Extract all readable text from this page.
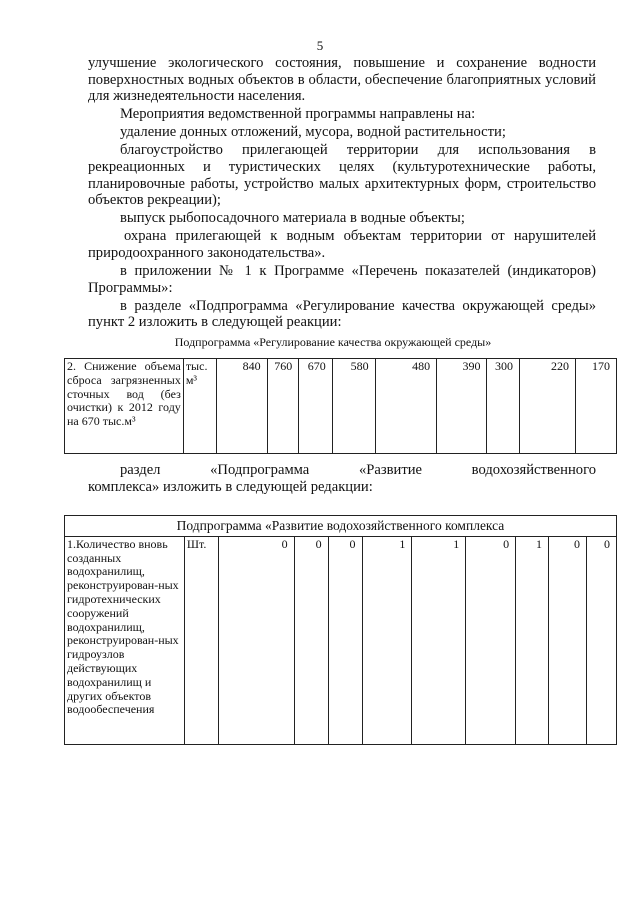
5

улучшение экологического состояния, повышение и сохранение водности поверхностных водных объектов в области, обеспечение благоприятных условий для жизнедеятельности населения.

Мероприятия ведомственной программы направлены на:

удаление донных отложений, мусора, водной растительности;

благоустройство прилегающей территории для использования в рекреационных и туристических целях (культуротехнические работы, планировочные работы, устройство малых архитектурных форм, строительство объектов рекреации);

выпуск рыбопосадочного материала в водные объекты;

охрана прилегающей к водным объектам территории от нарушителей природоохранного законодательства».

в приложении № 1 к Программе «Перечень показателей (индикаторов) Программы»:

в разделе «Подпрограмма «Регулирование качества окружающей среды» пункт 2 изложить в следующей реакции:

Подпрограмма «Регулирование качества окружающей среды»
2. Снижение объема сброса загрязненных сточных вод (без очистки) к 2012 году на 670 тыс.м³	тыс. м³	840	760	670	580	480	390	300	220	170

раздел «Подпрограмма «Развитие водохозяйственного

комплекса» изложить в следующей редакции:

Подпрограмма «Развитие водохозяйственного комплекса
1.Количество вновь созданных водохранилищ, реконструирован-ных гидротехнических сооружений водохранилищ, реконструирован-ных гидроузлов действующих водохранилищ и других объектов водообеспечения	Шт.	0	0	0	1	1	0	1	0	0
